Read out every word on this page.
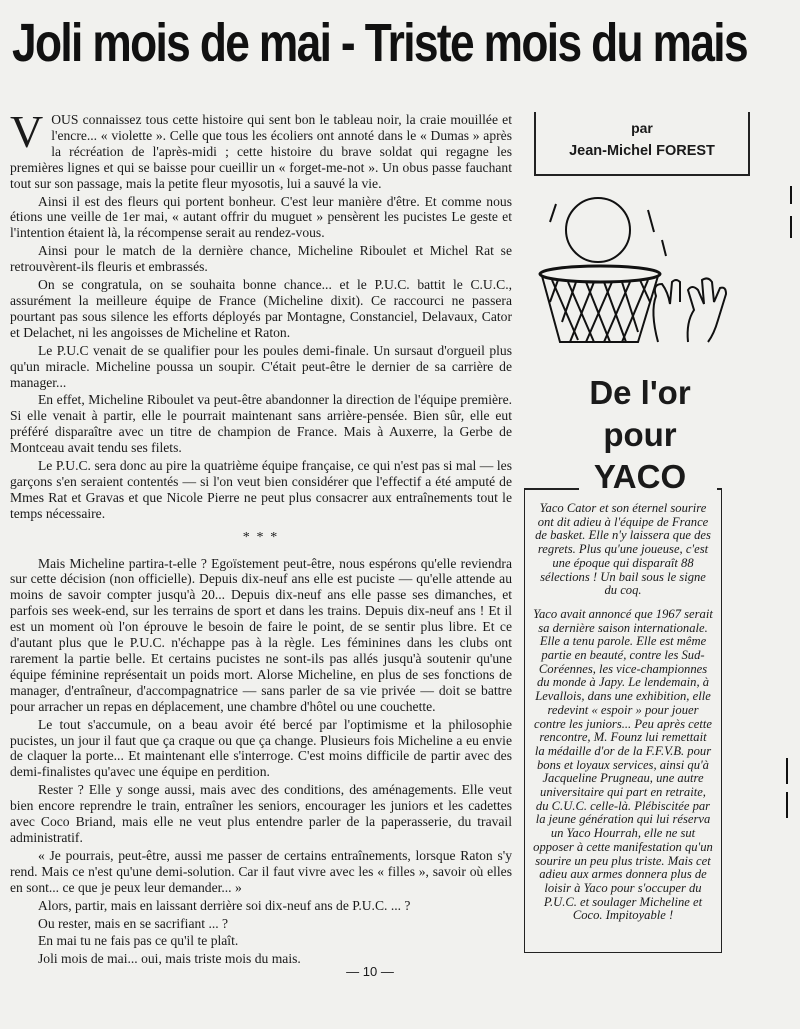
Joli mois de mai - Triste mois du mais

VOUS connaissez tous cette histoire qui sent bon le tableau noir, la craie mouillée et l'encre... « violette ». Celle que tous les écoliers ont annoté dans le « Dumas » après la récréation de l'après-midi ; cette histoire du brave soldat qui regagne les premières lignes et qui se baisse pour cueillir un « forget-me-not ». Un obus passe fauchant tout sur son passage, mais la petite fleur myosotis, lui a sauvé la vie.

Ainsi il est des fleurs qui portent bonheur. C'est leur manière d'être. Et comme nous étions une veille de 1er mai, « autant offrir du muguet » pensèrent les pucistes Le geste et l'intention étaient là, la récompense serait au rendez-vous.

Ainsi pour le match de la dernière chance, Micheline Riboulet et Michel Rat se retrouvèrent-ils fleuris et embrassés.

On se congratula, on se souhaita bonne chance... et le P.U.C. battit le C.U.C., assurément la meilleure équipe de France (Micheline dixit). Ce raccourci ne passera pourtant pas sous silence les efforts déployés par Montagne, Constanciel, Delavaux, Cator et Delachet, ni les angoisses de Micheline et Raton.

Le P.U.C venait de se qualifier pour les poules demi-finale. Un sursaut d'orgueil plus qu'un miracle. Micheline poussa un soupir. C'était peut-être le dernier de sa carrière de manager...

En effet, Micheline Riboulet va peut-être abandonner la direction de l'équipe première. Si elle venait à partir, elle le pourrait maintenant sans arrière-pensée. Bien sûr, elle eut préféré disparaître avec un titre de champion de France. Mais à Auxerre, la Gerbe de Montceau avait tendu ses filets.

Le P.U.C. sera donc au pire la quatrième équipe française, ce qui n'est pas si mal — les garçons s'en seraient contentés — si l'on veut bien considérer que l'effectif a été amputé de Mmes Rat et Gravas et que Nicole Pierre ne peut plus consacrer aux entraînements tout le temps nécessaire.

* * *

Mais Micheline partira-t-elle ? Egoïstement peut-être, nous espérons qu'elle reviendra sur cette décision (non officielle). Depuis dix-neuf ans elle est puciste — qu'elle attende au moins de savoir compter jusqu'à 20... Depuis dix-neuf ans elle passe ses dimanches, et parfois ses week-end, sur les terrains de sport et dans les trains. Depuis dix-neuf ans ! Et il est un moment où l'on éprouve le besoin de faire le point, de se sentir plus libre. Et ce d'autant plus que le P.U.C. n'échappe pas à la règle. Les féminines dans les clubs ont rarement la partie belle. Et certains pucistes ne sont-ils pas allés jusqu'à soutenir qu'une équipe féminine représentait un poids mort. Alorse Micheline, en plus de ses fonctions de manager, d'entraîneur, d'accompagnatrice — sans parler de sa vie privée — doit se battre pour arracher un repas en déplacement, une chambre d'hôtel ou une couchette.

Le tout s'accumule, on a beau avoir été bercé par l'optimisme et la philosophie pucistes, un jour il faut que ça craque ou que ça change. Plusieurs fois Micheline a eu envie de claquer la porte... Et maintenant elle s'interroge. C'est moins difficile de partir avec des demi-finalistes qu'avec une équipe en perdition.

Rester ? Elle y songe aussi, mais avec des conditions, des aménagements. Elle veut bien encore reprendre le train, entraîner les seniors, encourager les juniors et les cadettes avec Coco Briand, mais elle ne veut plus entendre parler de la paperasserie, du travail administratif.

« Je pourrais, peut-être, aussi me passer de certains entraînements, lorsque Raton s'y rend. Mais ce n'est qu'une demi-solution. Car il faut vivre avec les « filles », savoir où elles en sont... ce que je peux leur demander... »

Alors, partir, mais en laissant derrière soi dix-neuf ans de P.U.C. ... ?

Ou rester, mais en se sacrifiant ... ?

En mai tu ne fais pas ce qu'il te plaît.

Joli mois de mai... oui, mais triste mois du mais.

— 10 —
par
Jean-Michel FOREST
De l'or
pour
YACO

Yaco Cator et son éternel sourire ont dit adieu à l'équipe de France de basket. Elle n'y laissera que des regrets. Plus qu'une joueuse, c'est une époque qui disparaît 88 sélections ! Un bail sous le signe du coq.

Yaco avait annoncé que 1967 serait sa dernière saison internationale. Elle a tenu parole. Elle est même partie en beauté, contre les Sud-Coréennes, les vice-championnes du monde à Japy. Le lendemain, à Levallois, dans une exhibition, elle redevint « espoir » pour jouer contre les juniors... Peu après cette rencontre, M. Founz lui remettait la médaille d'or de la F.F.V.B. pour bons et loyaux services, ainsi qu'à Jacqueline Prugneau, une autre universitaire qui part en retraite, du C.U.C. celle-là. Plébiscitée par la jeune génération qui lui réserva un Yaco Hourrah, elle ne sut opposer à cette manifestation qu'un sourire un peu plus triste. Mais cet adieu aux armes donnera plus de loisir à Yaco pour s'occuper du P.U.C. et soulager Micheline et Coco. Impitoyable !
